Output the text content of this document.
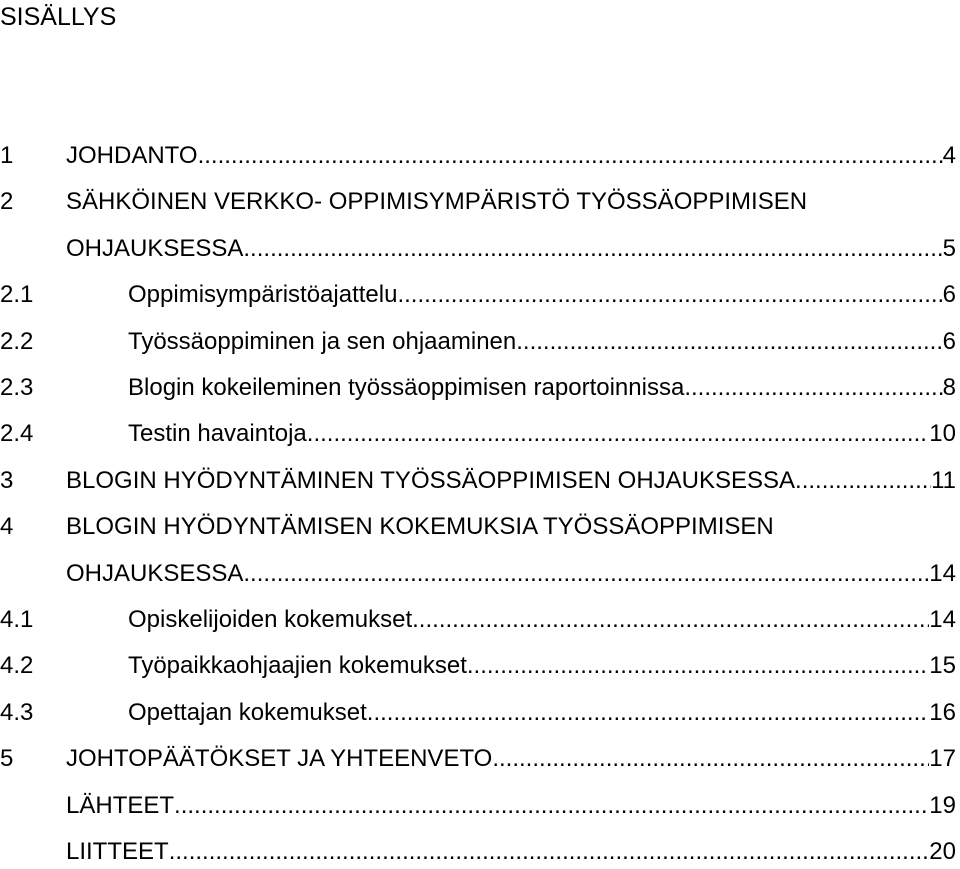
SISÄLLYS
1 JOHDANTO .....	4
2 SÄHKÖINEN VERKKO- OPPIMISYMPÄRISTÖ TYÖSSÄOPPIMISEN
OHJAUKSESSA .....	5
2.1	Oppimisympäristöajattelu .....	6
2.2	Työssäoppiminen ja sen ohjaaminen .....	6
2.3	Blogin kokeileminen työssäoppimisen raportoinnissa .....	8
2.4	Testin havaintoja .....	10
3 BLOGIN HYÖDYNTÄMINEN TYÖSSÄOPPIMISEN OHJAUKSESSA .....	11
4 BLOGIN HYÖDYNTÄMISEN KOKEMUKSIA TYÖSSÄOPPIMISEN
OHJAUKSESSA .....	14
4.1	Opiskelijoiden kokemukset .....	14
4.2	Työpaikkaohjaajien kokemukset .....	15
4.3	Opettajan kokemukset .....	16
5 JOHTOPÄÄTÖKSET JA YHTEENVETO .....	17
LÄHTEET .....	19
LIITTEET .....	20
